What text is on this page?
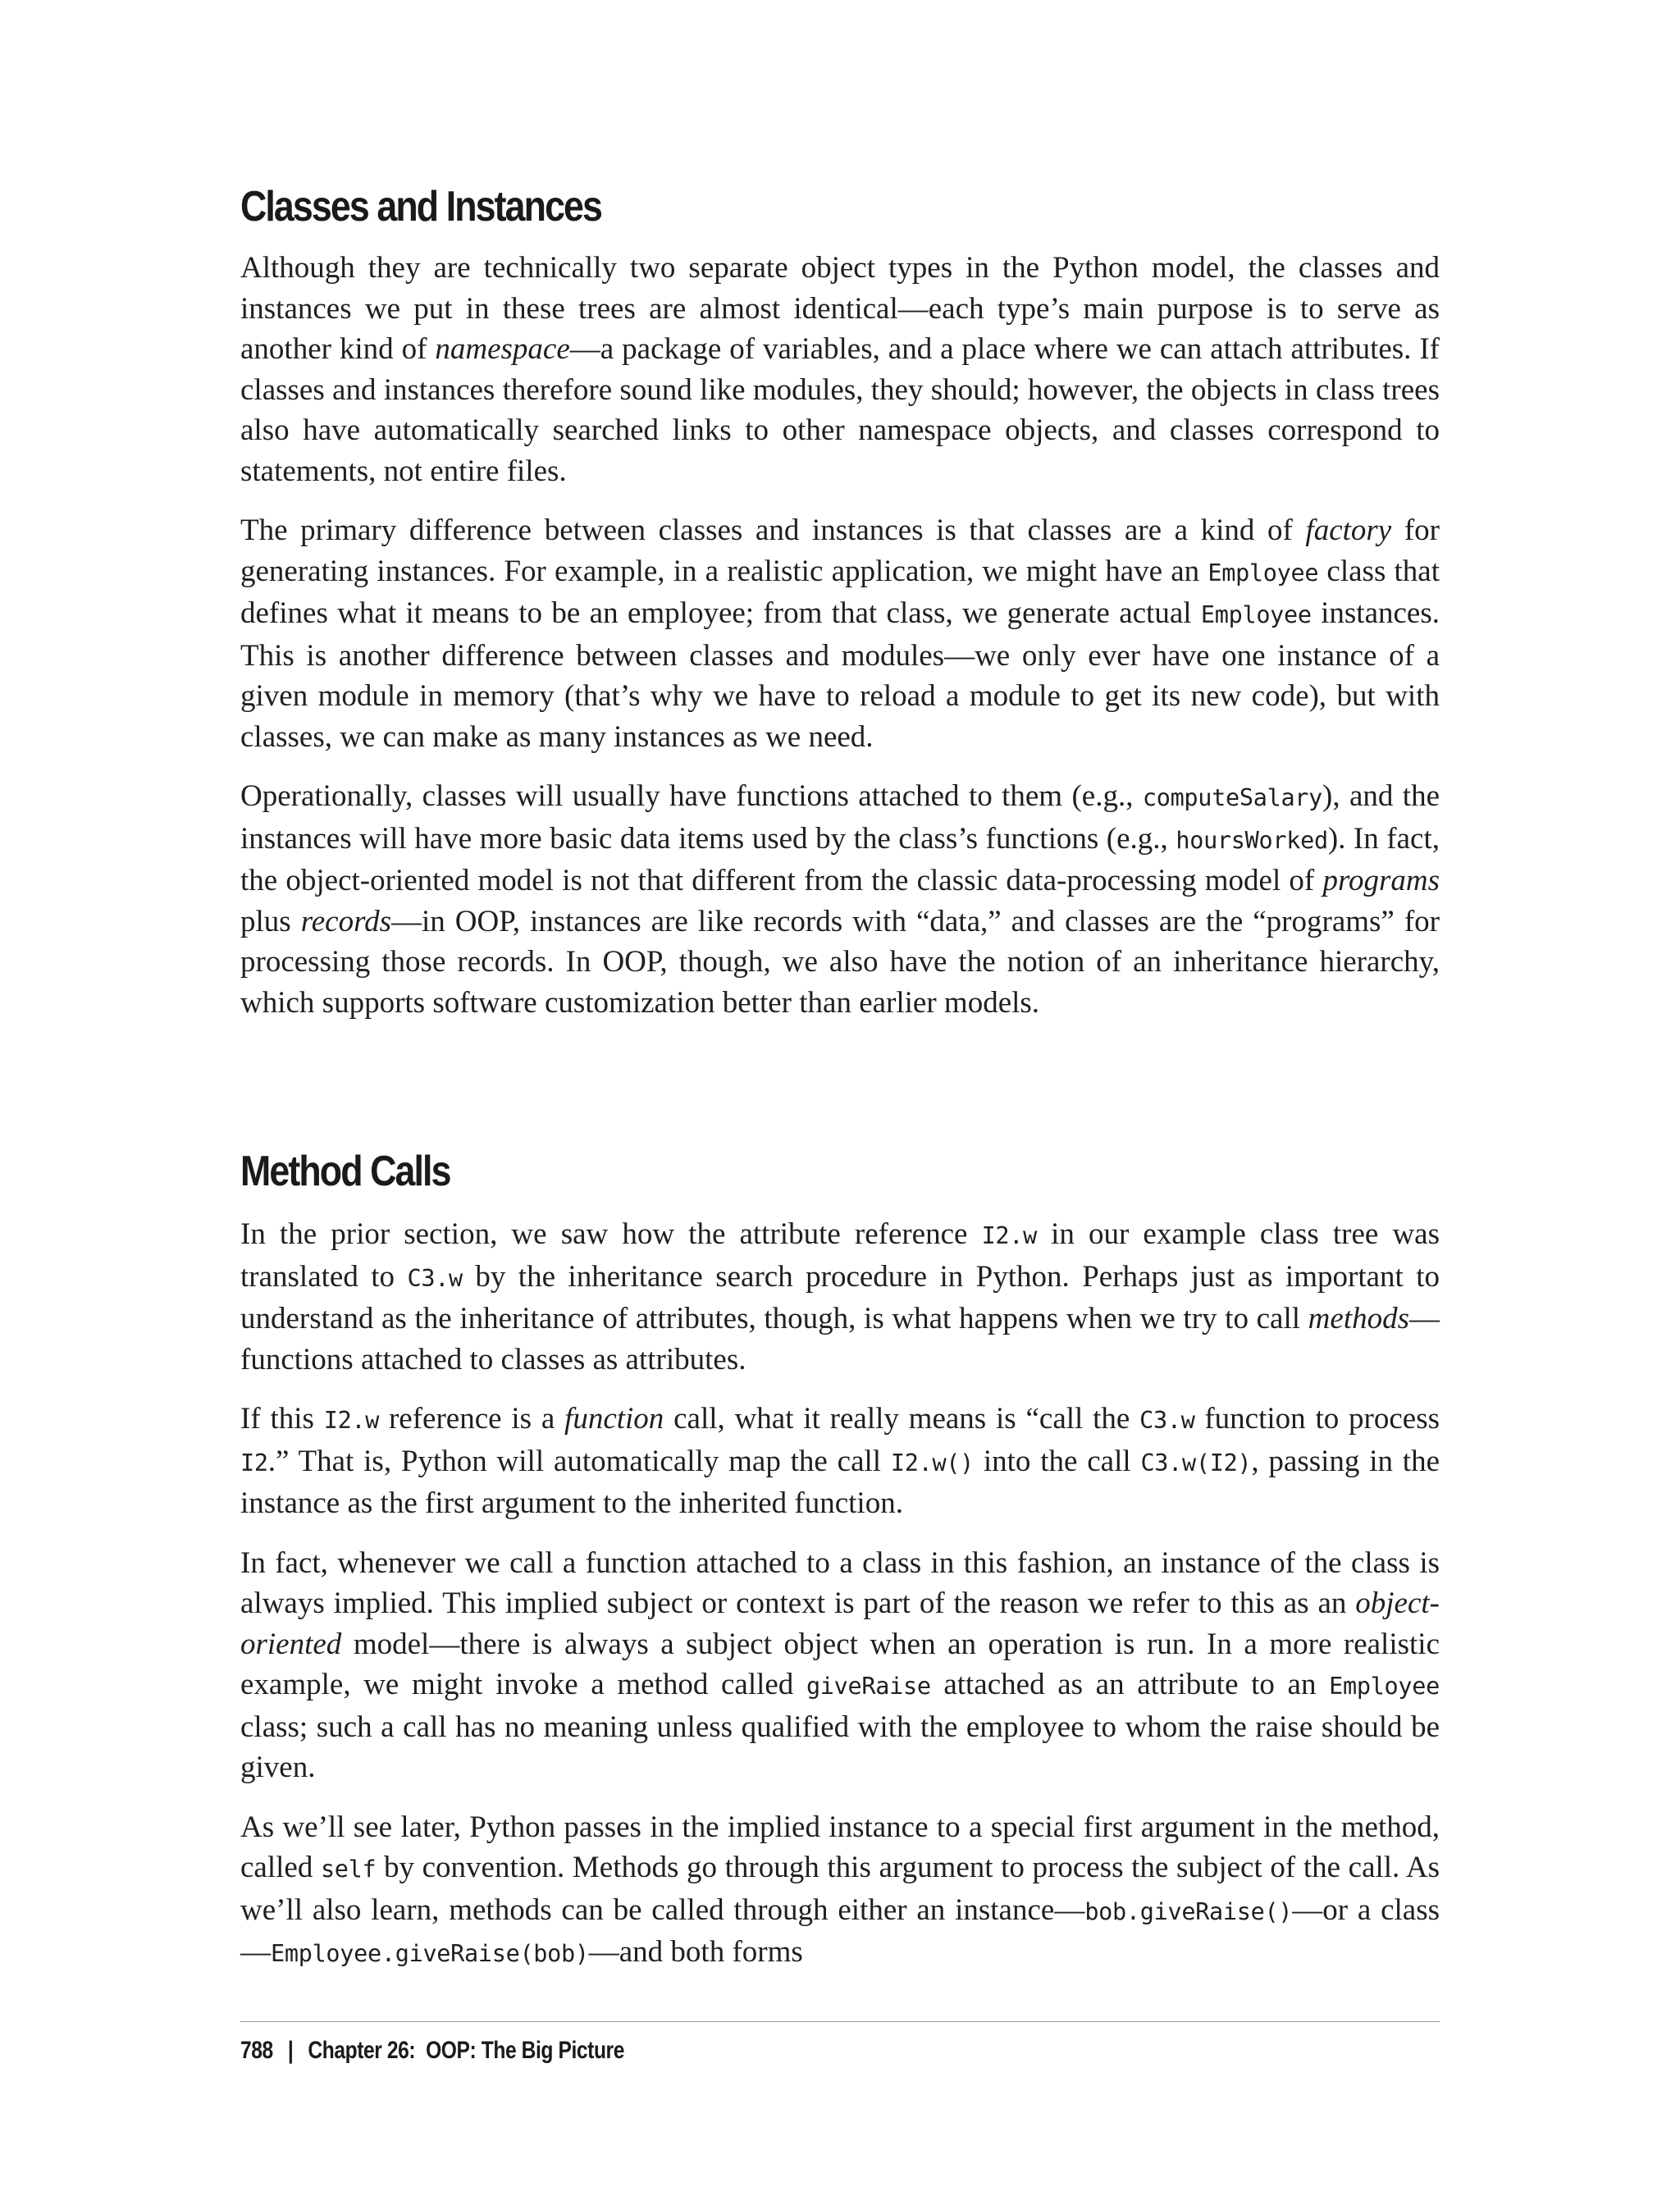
Classes and Instances

Although they are technically two separate object types in the Python model, the classes and instances we put in these trees are almost identical—each type’s main purpose is to serve as another kind of namespace—a package of variables, and a place where we can attach attributes. If classes and instances therefore sound like modules, they should; however, the objects in class trees also have automatically searched links to other namespace objects, and classes correspond to statements, not entire files.

The primary difference between classes and instances is that classes are a kind of factory for generating instances. For example, in a realistic application, we might have an Employee class that defines what it means to be an employee; from that class, we generate actual Employee instances. This is another difference between classes and modules—we only ever have one instance of a given module in memory (that’s why we have to reload a module to get its new code), but with classes, we can make as many instances as we need.

Operationally, classes will usually have functions attached to them (e.g., computeSalary), and the instances will have more basic data items used by the class’s functions (e.g., hoursWorked). In fact, the object-oriented model is not that different from the classic data-processing model of programs plus records—in OOP, instances are like records with “data,” and classes are the “programs” for processing those records. In OOP, though, we also have the notion of an inheritance hierarchy, which supports software customization better than earlier models.

Method Calls

In the prior section, we saw how the attribute reference I2.w in our example class tree was translated to C3.w by the inheritance search procedure in Python. Perhaps just as important to understand as the inheritance of attributes, though, is what happens when we try to call methods—functions attached to classes as attributes.

If this I2.w reference is a function call, what it really means is “call the C3.w function to process I2.” That is, Python will automatically map the call I2.w() into the call C3.w(I2), passing in the instance as the first argument to the inherited function.

In fact, whenever we call a function attached to a class in this fashion, an instance of the class is always implied. This implied subject or context is part of the reason we refer to this as an object-oriented model—there is always a subject object when an operation is run. In a more realistic example, we might invoke a method called giveRaise attached as an attribute to an Employee class; such a call has no meaning unless qualified with the employee to whom the raise should be given.

As we’ll see later, Python passes in the implied instance to a special first argument in the method, called self by convention. Methods go through this argument to process the subject of the call. As we’ll also learn, methods can be called through either an instance—bob.giveRaise()—or a class—Employee.giveRaise(bob)—and both forms

788 | Chapter 26: OOP: The Big Picture
